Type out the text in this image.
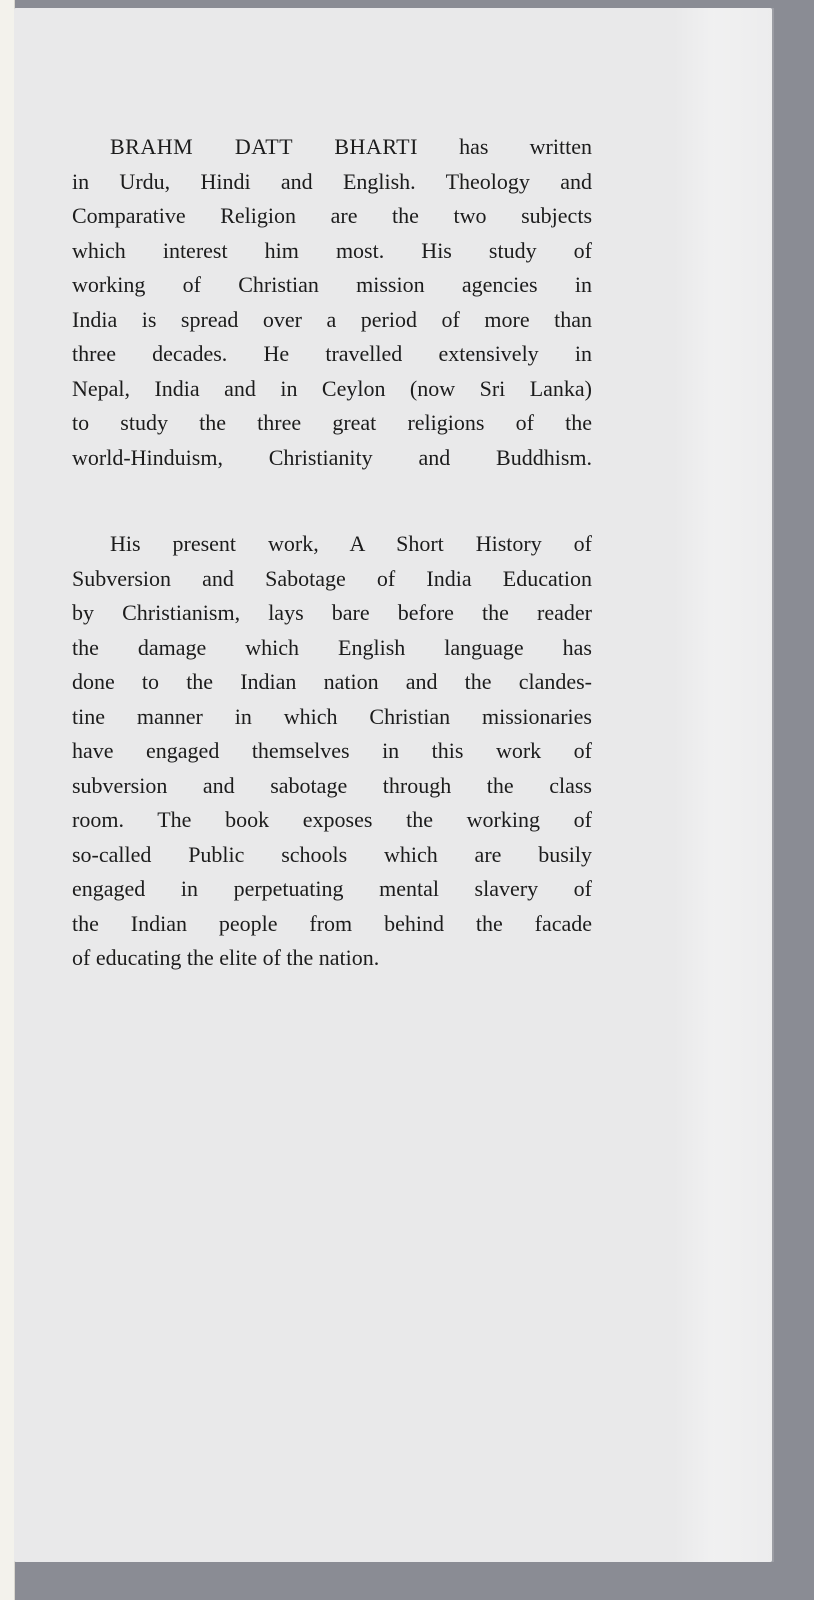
BRAHM DATT BHARTI has written
in Urdu, Hindi and English. Theology and
Comparative Religion are the two subjects
which interest him most. His study of
working of Christian mission agencies in
India is spread over a period of more than
three decades. He travelled extensively in
Nepal, India and in Ceylon (now Sri Lanka)
to study the three great religions of the
world-Hinduism, Christianity and Buddhism.

His present work, A Short History of
Subversion and Sabotage of India Education
by Christianism, lays bare before the reader
the damage which English language has
done to the Indian nation and the clandes-
tine manner in which Christian missionaries
have engaged themselves in this work of
subversion and sabotage through the class
room. The book exposes the working of
so-called Public schools which are busily
engaged in perpetuating mental slavery of
the Indian people from behind the facade
of educating the elite of the nation.
